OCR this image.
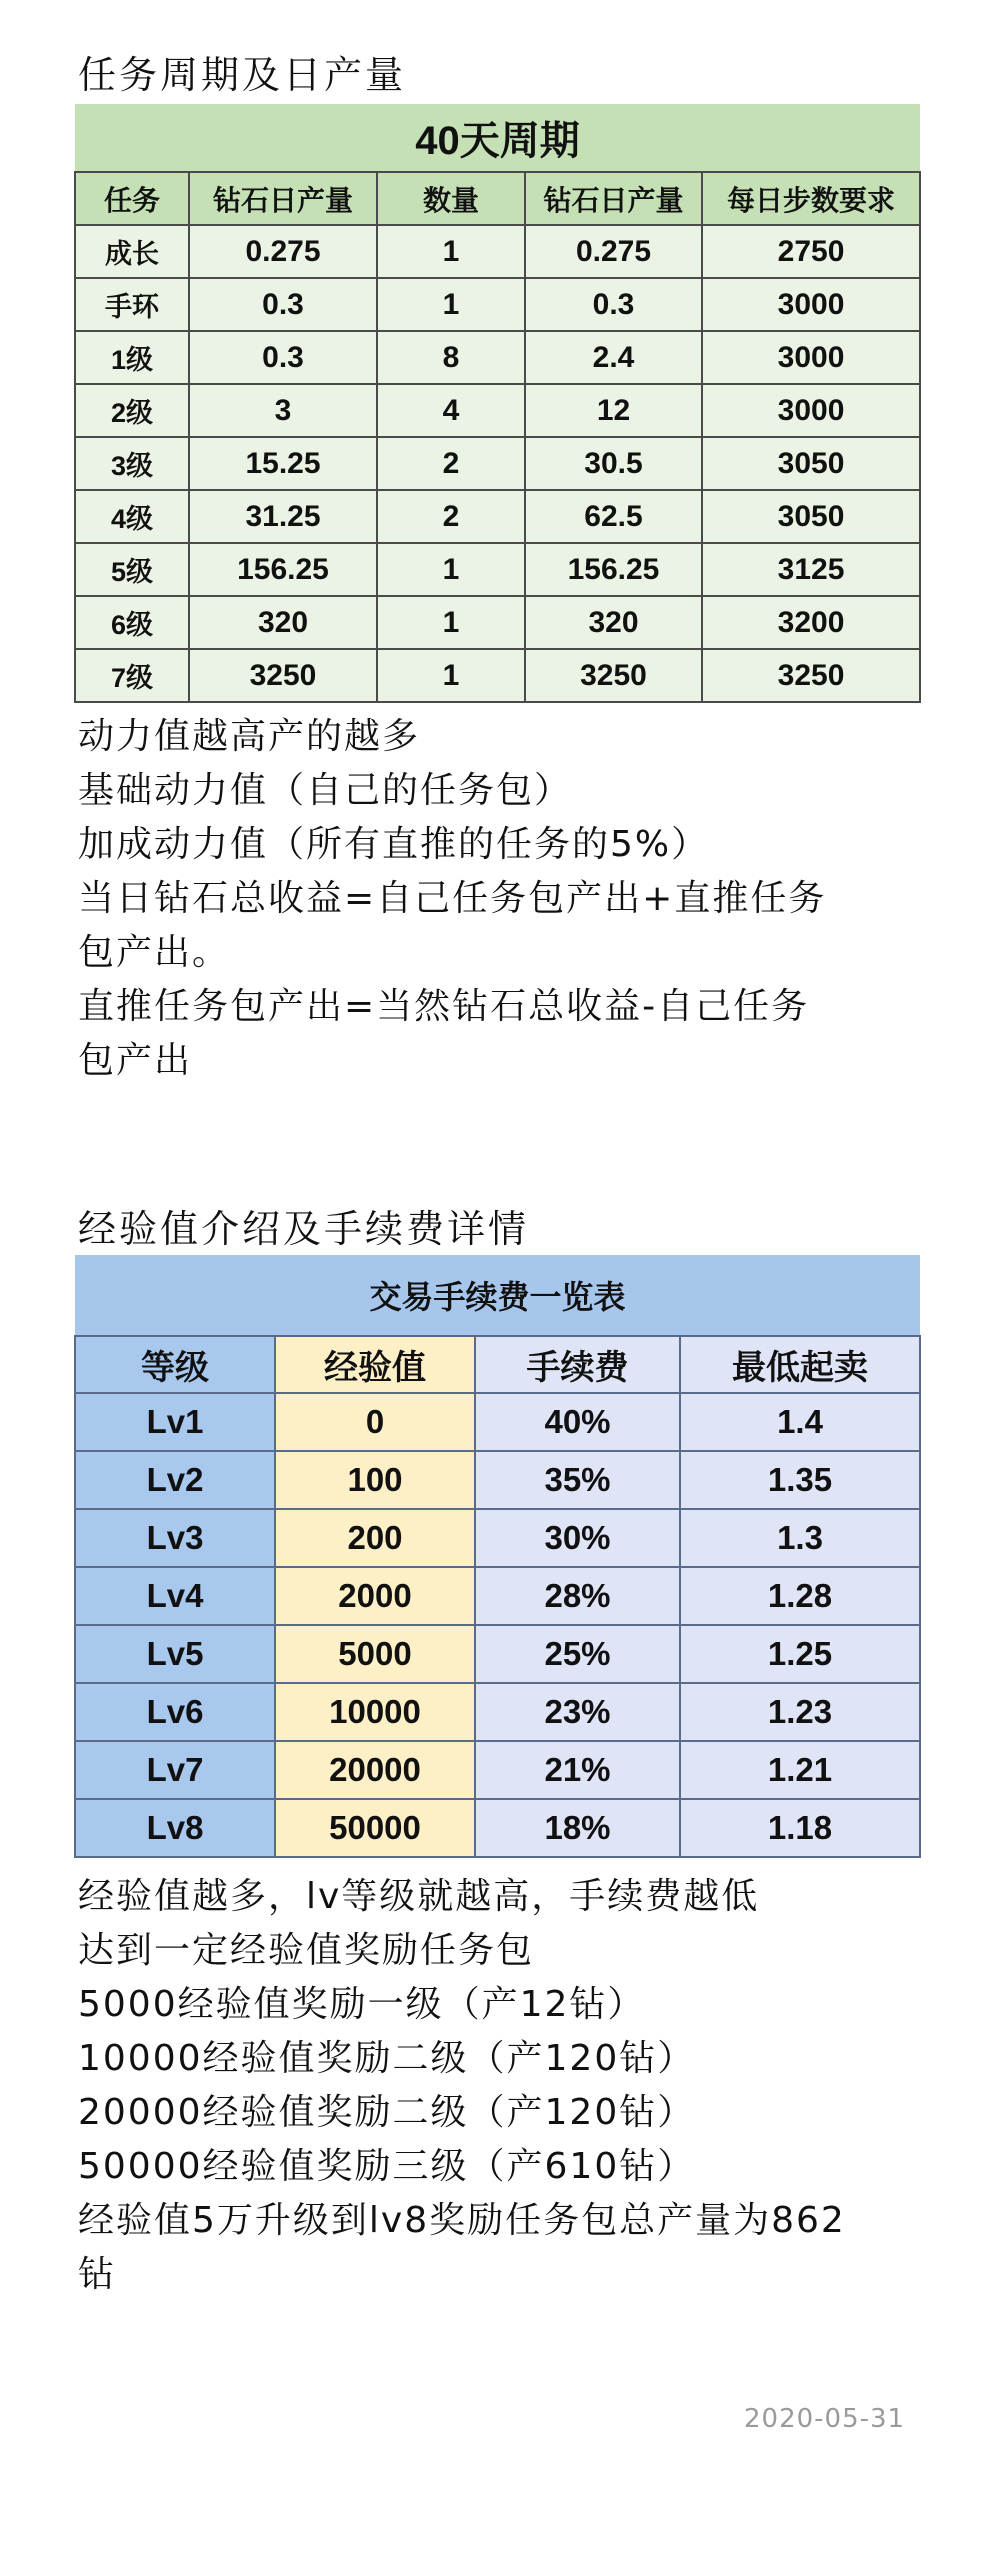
任务周期及日产量
40天周期				
任务	钻石日产量	数量	钻石日产量	每日步数要求
成长	0.275	1	0.275	2750
手环	0.3	1	0.3	3000
1级	0.3	8	2.4	3000
2级	3	4	12	3000
3级	15.25	2	30.5	3050
4级	31.25	2	62.5	3050
5级	156.25	1	156.25	3125
6级	320	1	320	3200
7级	3250	1	3250	3250
动力值越高产的越多
基础动力值（自己的任务包）
加成动力值（所有直推的任务的5%）
当日钻石总收益=自己任务包产出+直推任务
包产出。
直推任务包产出=当然钻石总收益-自己任务
包产出
经验值介绍及手续费详情
交易手续费一览表			
等级	经验值	手续费	最低起卖
Lv1	0	40%	1.4
Lv2	100	35%	1.35
Lv3	200	30%	1.3
Lv4	2000	28%	1.28
Lv5	5000	25%	1.25
Lv6	10000	23%	1.23
Lv7	20000	21%	1.21
Lv8	50000	18%	1.18
经验值越多，lv等级就越高，手续费越低
达到一定经验值奖励任务包
5000经验值奖励一级（产12钻）
10000经验值奖励二级（产120钻）
20000经验值奖励二级（产120钻）
50000经验值奖励三级（产610钻）
经验值5万升级到lv8奖励任务包总产量为862
钻
2020-05-31
